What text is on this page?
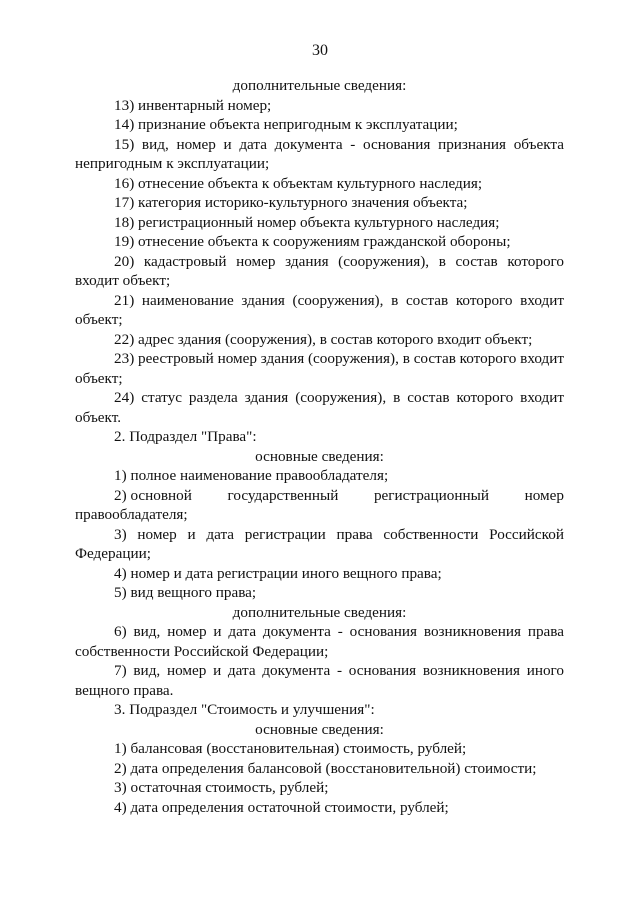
30

дополнительные сведения:

13) инвентарный номер;

14) признание объекта непригодным к эксплуатации;

15) вид, номер и дата документа - основания признания объекта непригодным к эксплуатации;

16) отнесение объекта к объектам культурного наследия;

17) категория историко-культурного значения объекта;

18) регистрационный номер объекта культурного наследия;

19) отнесение объекта к сооружениям гражданской обороны;

20) кадастровый номер здания (сооружения), в состав которого входит объект;

21) наименование здания (сооружения), в состав которого входит объект;

22) адрес здания (сооружения), в состав которого входит объект;

23) реестровый номер здания (сооружения), в состав которого входит объект;

24) статус раздела здания (сооружения), в состав которого входит объект.

2. Подраздел "Права":

основные сведения:

1) полное наименование правообладателя;

2) основной государственный регистрационный номер

правообладателя;

3) номер и дата регистрации права собственности Российской Федерации;

4) номер и дата регистрации иного вещного права;

5) вид вещного права;

дополнительные сведения:

6) вид, номер и дата документа - основания возникновения права собственности Российской Федерации;

7) вид, номер и дата документа - основания возникновения иного вещного права.

3. Подраздел "Стоимость и улучшения":

основные сведения:

1) балансовая (восстановительная) стоимость, рублей;

2) дата определения балансовой (восстановительной) стоимости;

3) остаточная стоимость, рублей;

4) дата определения остаточной стоимости, рублей;
